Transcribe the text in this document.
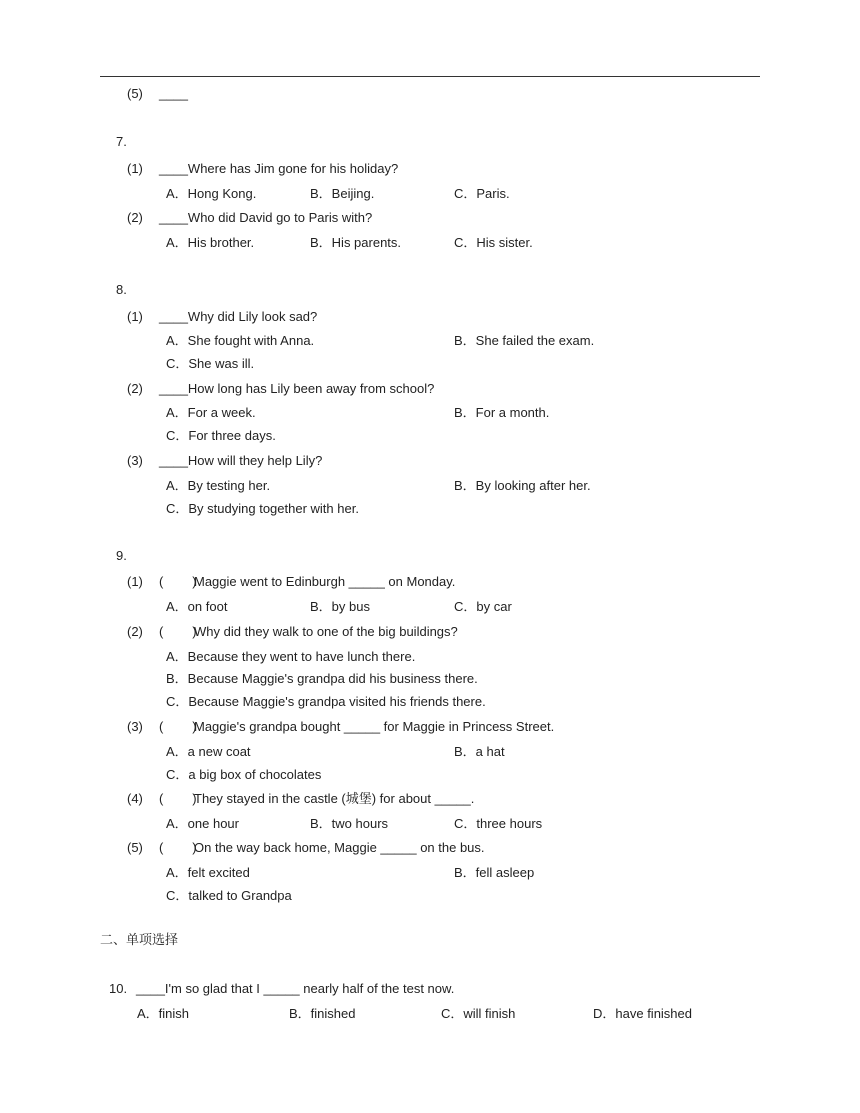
(5) ____
7.
(1) ____Where has Jim gone for his holiday?
A．Hong Kong.	B．Beijing.	C．Paris.
(2) ____Who did David go to Paris with?
A．His brother.	B．His parents.	C．His sister.
8.
(1) ____Why did Lily look sad?
A．She fought with Anna.	B．She failed the exam.
C．She was ill.
(2) ____How long has Lily been away from school?
A．For a week.	B．For a month.
C．For three days.
(3) ____How will they help Lily?
A．By testing her.	B．By looking after her.
C．By studying together with her.
9.
(1) (        )
Maggie went to Edinburgh _____ on Monday.
A．on foot	B．by bus	C．by car
(2) (        )
Why did they walk to one of the big buildings?
A．Because they went to have lunch there.
B．Because Maggie's grandpa did his business there.
C．Because Maggie's grandpa visited his friends there.
(3) (        )
Maggie's grandpa bought _____ for Maggie in Princess Street.
A．a new coat	B．a hat
C．a big box of chocolates
(4) (        )
They stayed in the castle (城堡) for about _____.
A．one hour	B．two hours	C．three hours
(5) (        )
On the way back home, Maggie _____ on the bus.
A．felt excited	B．fell asleep
C．talked to Grandpa
二、单项选择
10. ____I'm so glad that I _____ nearly half of the test now.
A．finish	B．finished	C．will finish	D．have finished
